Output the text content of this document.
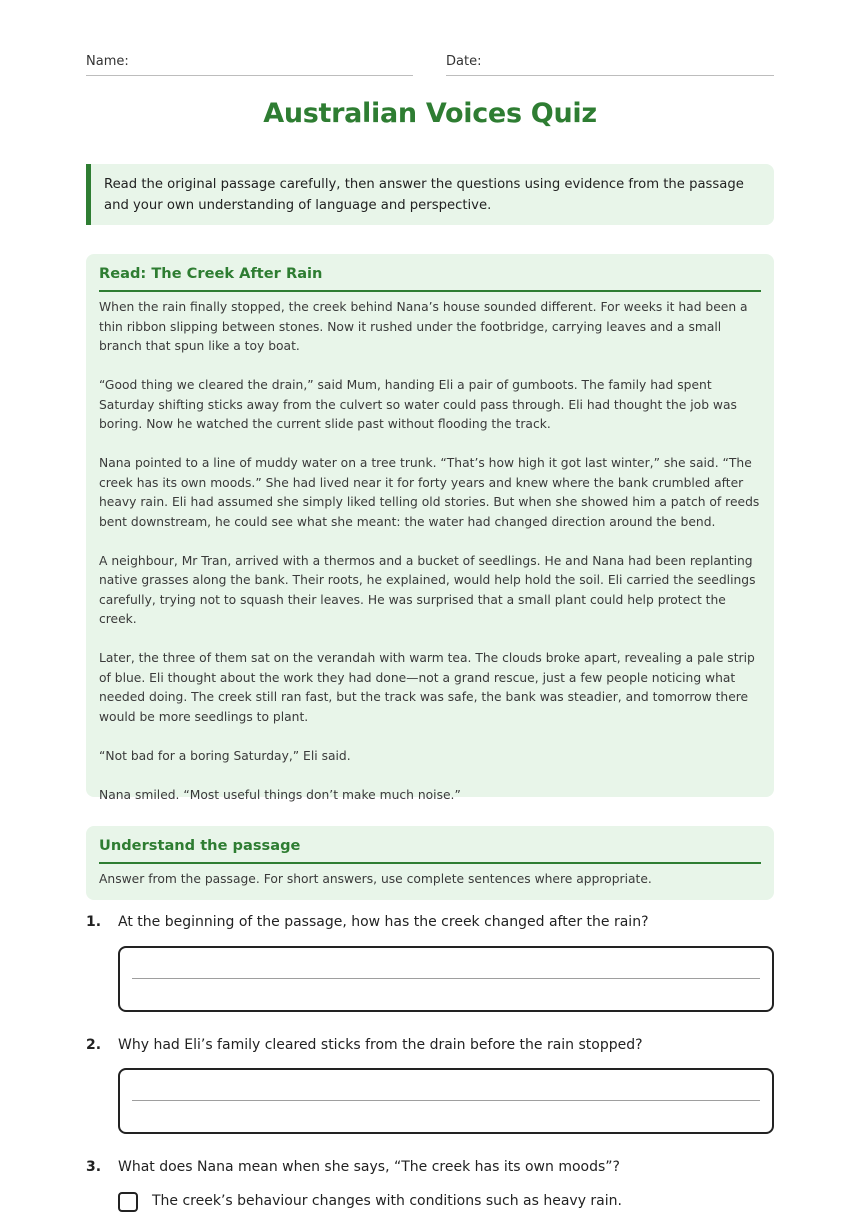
Name:	Date:
Australian Voices Quiz
Read the original passage carefully, then answer the questions using evidence from the passage and your own understanding of language and perspective.
Read: The Creek After Rain

When the rain finally stopped, the creek behind Nana’s house sounded different. For weeks it had been a thin ribbon slipping between stones. Now it rushed under the footbridge, carrying leaves and a small branch that spun like a toy boat.

“Good thing we cleared the drain,” said Mum, handing Eli a pair of gumboots. The family had spent Saturday shifting sticks away from the culvert so water could pass through. Eli had thought the job was boring. Now he watched the current slide past without flooding the track.

Nana pointed to a line of muddy water on a tree trunk. “That’s how high it got last winter,” she said. “The creek has its own moods.” She had lived near it for forty years and knew where the bank crumbled after heavy rain. Eli had assumed she simply liked telling old stories. But when she showed him a patch of reeds bent downstream, he could see what she meant: the water had changed direction around the bend.

A neighbour, Mr Tran, arrived with a thermos and a bucket of seedlings. He and Nana had been replanting native grasses along the bank. Their roots, he explained, would help hold the soil. Eli carried the seedlings carefully, trying not to squash their leaves. He was surprised that a small plant could help protect the creek.

Later, the three of them sat on the verandah with warm tea. The clouds broke apart, revealing a pale strip of blue. Eli thought about the work they had done—not a grand rescue, just a few people noticing what needed doing. The creek still ran fast, but the track was safe, the bank was steadier, and tomorrow there would be more seedlings to plant.

“Not bad for a boring Saturday,” Eli said.

Nana smiled. “Most useful things don’t make much noise.”

Understand the passage
Answer from the passage. For short answers, use complete sentences where appropriate.
1. At the beginning of the passage, how has the creek changed after the rain?
2. Why had Eli’s family cleared sticks from the drain before the rain stopped?
3. What does Nana mean when she says, “The creek has its own moods”?
The creek’s behaviour changes with conditions such as heavy rain.
